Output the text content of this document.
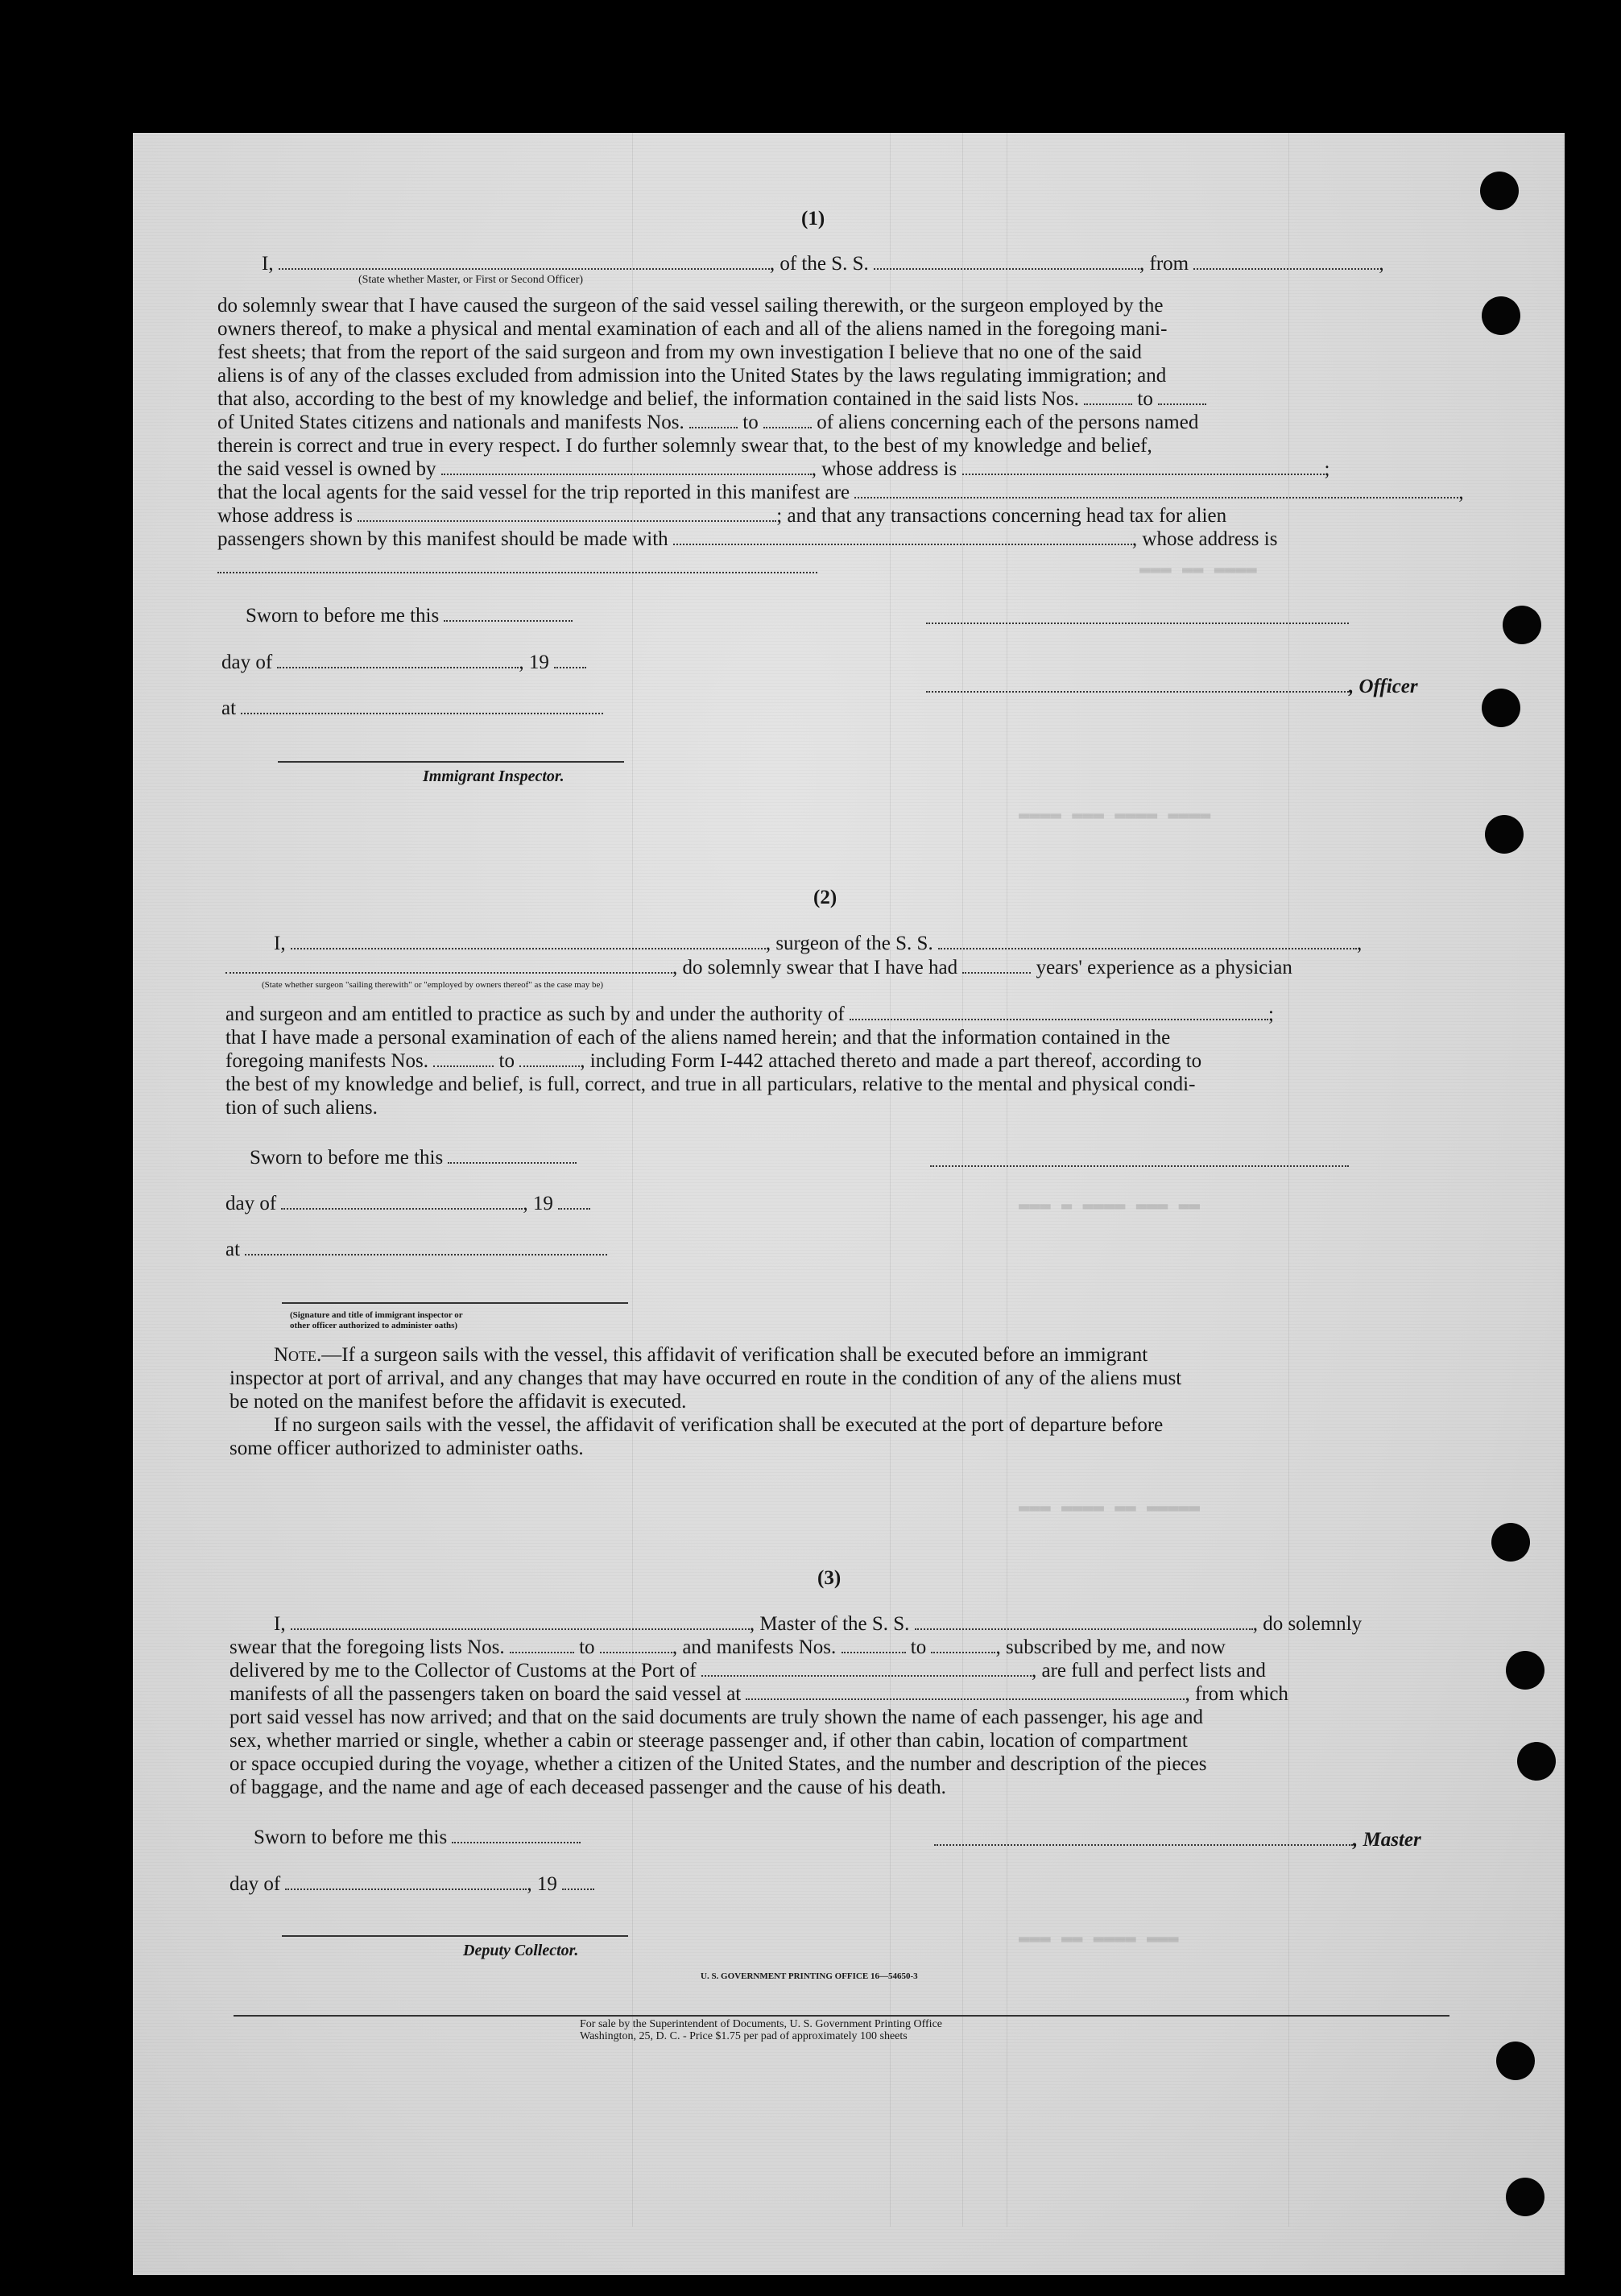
▬▬▬ ▬▬ ▬▬▬▬
▬▬▬▬ ▬▬▬ ▬▬▬▬ ▬▬▬▬
▬▬▬ ▬ ▬▬▬▬ ▬▬▬ ▬▬
▬▬▬ ▬▬▬▬ ▬▬ ▬▬▬▬▬
▬▬▬ ▬▬ ▬▬▬▬ ▬▬▬
(1)
I,	, of the S. S.	, from	,
(State whether Master, or First or Second Officer)
do solemnly swear that I have caused the surgeon of the said vessel sailing therewith, or the surgeon employed by the
owners thereof, to make a physical and mental examination of each and all of the aliens named in the foregoing mani-
fest sheets; that from the report of the said surgeon and from my own investigation I believe that no one of the said
aliens is of any of the classes excluded from admission into the United States by the laws regulating immigration; and
that also, according to the best of my knowledge and belief, the information contained in the said lists Nos.	to
of United States citizens and nationals and manifests Nos.	to	of aliens concerning each of the persons named
therein is correct and true in every respect. I do further solemnly swear that, to the best of my knowledge and belief,
the said vessel is owned by	, whose address is	;
that the local agents for the said vessel for the trip reported in this manifest are	,
whose address is	; and that any transactions concerning head tax for alien
passengers shown by this manifest should be made with	, whose address is
Sworn to before me this
day of	, 19
, Officer
at
Immigrant Inspector.
(2)
I,	, surgeon of the S. S.	,
, do solemnly swear that I have had	years' experience as a physician
(State whether surgeon "sailing therewith" or "employed by owners thereof" as the case may be)
and surgeon and am entitled to practice as such by and under the authority of	;
that I have made a personal examination of each of the aliens named herein; and that the information contained in the
foregoing manifests Nos.	to	, including Form I-442 attached thereto and made a part thereof, according to
the best of my knowledge and belief, is full, correct, and true in all particulars, relative to the mental and physical condi-
tion of such aliens.
Sworn to before me this
day of	, 19
at
(Signature and title of immigrant inspector or
other officer authorized to administer oaths)
Note.—If a surgeon sails with the vessel, this affidavit of verification shall be executed before an immigrant
inspector at port of arrival, and any changes that may have occurred en route in the condition of any of the aliens must
be noted on the manifest before the affidavit is executed.
If no surgeon sails with the vessel, the affidavit of verification shall be executed at the port of departure before
some officer authorized to administer oaths.
(3)
I,	, Master of the S. S.	, do solemnly
swear that the foregoing lists Nos.	to	, and manifests Nos.	to	, subscribed by me, and now
delivered by me to the Collector of Customs at the Port of	, are full and perfect lists and
manifests of all the passengers taken on board the said vessel at	, from which
port said vessel has now arrived; and that on the said documents are truly shown the name of each passenger, his age and
sex, whether married or single, whether a cabin or steerage passenger and, if other than cabin, location of compartment
or space occupied during the voyage, whether a citizen of the United States, and the number and description of the pieces
of baggage, and the name and age of each deceased passenger and the cause of his death.
Sworn to before me this	, Master
day of	, 19
Deputy Collector.
U. S. GOVERNMENT PRINTING OFFICE 16—54650-3
For sale by the Superintendent of Documents, U. S. Government Printing Office
Washington, 25, D. C. - Price $1.75 per pad of approximately 100 sheets
